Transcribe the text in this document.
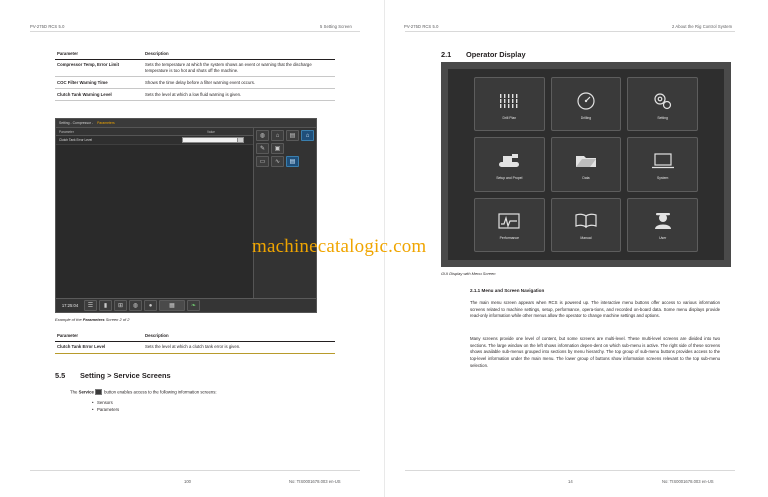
PV-275D RCS 5.0	5 Setting Screen
100	No: TIS0001678.003 en-US
Parameter	Description
Compressor Temp, Error Limit	Sets the temperature at which the system shows an event or warning that the discharge temperature is too hot and shuts off the machine.
COC Filter Warning Time	Shows the time delay before a filter warning event occurs.
Clutch Tank Warning Level	Sets the level at which a low fluid warning is given.
Setting - Compressor - Parameters
Parameter	Value
Clutch Tank Error Level
◍	⌂	▤	⌂
✎	▣
▭	∿	▤
17:25:04	☰	▮	⊞	◍	●	▦	❧
machinecatalogic.com
Example of the Parameters Screen 2 of 2
Parameter	Description
Clutch Tank Error Level	Sets the level at which a clutch tank error is given.
5.5 Setting > Service Screens
The Service button enables access to the following information screens:
• Sensors
• Parameters
PV-275D RCS 5.0	2 About the Rig Control System
14	No: TIS0001678.003 en-US
2.1 Operator Display
Drill Plan	Drilling	Setting
Setup and Propel	Data	System
Performance	Manual	User
GUI Display with Menu Screen
2.1.1 Menu and Screen Navigation
The main menu screen appears when RCS is powered up. The interactive menu buttons offer access to various information screens related to machine settings, setup, performance, opera-tions, and recorded on-board data. Some menu displays provide read-only information while other menus allow the operator to change machine settings and options.
Many screens provide one level of content, but some screens are multi-level. These multi-level screens are divided into two sections. The large window on the left shows information depen-dent on which sub-menu is active. The right side of these screens shows available sub-menus grouped into sections by menu hierarchy. The top group of sub-menu buttons provides access to the top-level information under the main menu. The lower group of buttons show information screens relevant to the top sub-menu selection.
